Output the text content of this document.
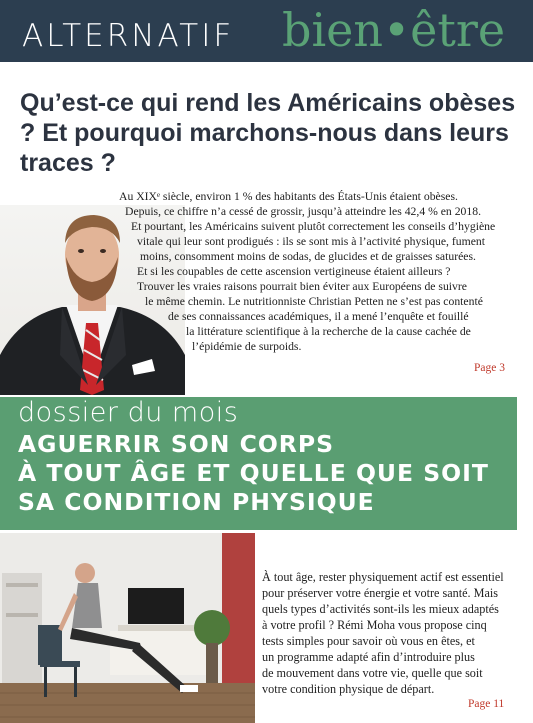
ALTERNATIF bien•être
Qu’est-ce qui rend les Américains obèses ? Et pourquoi marchons-nous dans leurs traces ?
Au XIXᵉ siècle, environ 1 % des habitants des États-Unis étaient obèses.
Depuis, ce chiffre n’a cessé de grossir, jusqu’à atteindre les 42,4 % en 2018.
Et pourtant, les Américains suivent plutôt correctement les conseils d’hygiène
vitale qui leur sont prodigués : ils se sont mis à l’activité physique, fument
moins, consomment moins de sodas, de glucides et de graisses saturées.
Et si les coupables de cette ascension vertigineuse étaient ailleurs ?
Trouver les vraies raisons pourrait bien éviter aux Européens de suivre
le même chemin. Le nutritionniste Christian Petten ne s’est pas contenté
de ses connaissances académiques, il a mené l’enquête et fouillé
la littérature scientifique à la recherche de la cause cachée de
l’épidémie de surpoids.
Page 3
dossier du mois
AGUERRIR SON CORPS
À TOUT ÂGE ET QUELLE QUE SOIT
SA CONDITION PHYSIQUE
À tout âge, rester physiquement actif est essentiel
pour préserver votre énergie et votre santé. Mais
quels types d’activités sont-ils les mieux adaptés
à votre profil ? Rémi Moha vous propose cinq
tests simples pour savoir où vous en êtes, et
un programme adapté afin d’introduire plus
de mouvement dans votre vie, quelle que soit
votre condition physique de départ.
Page 11
